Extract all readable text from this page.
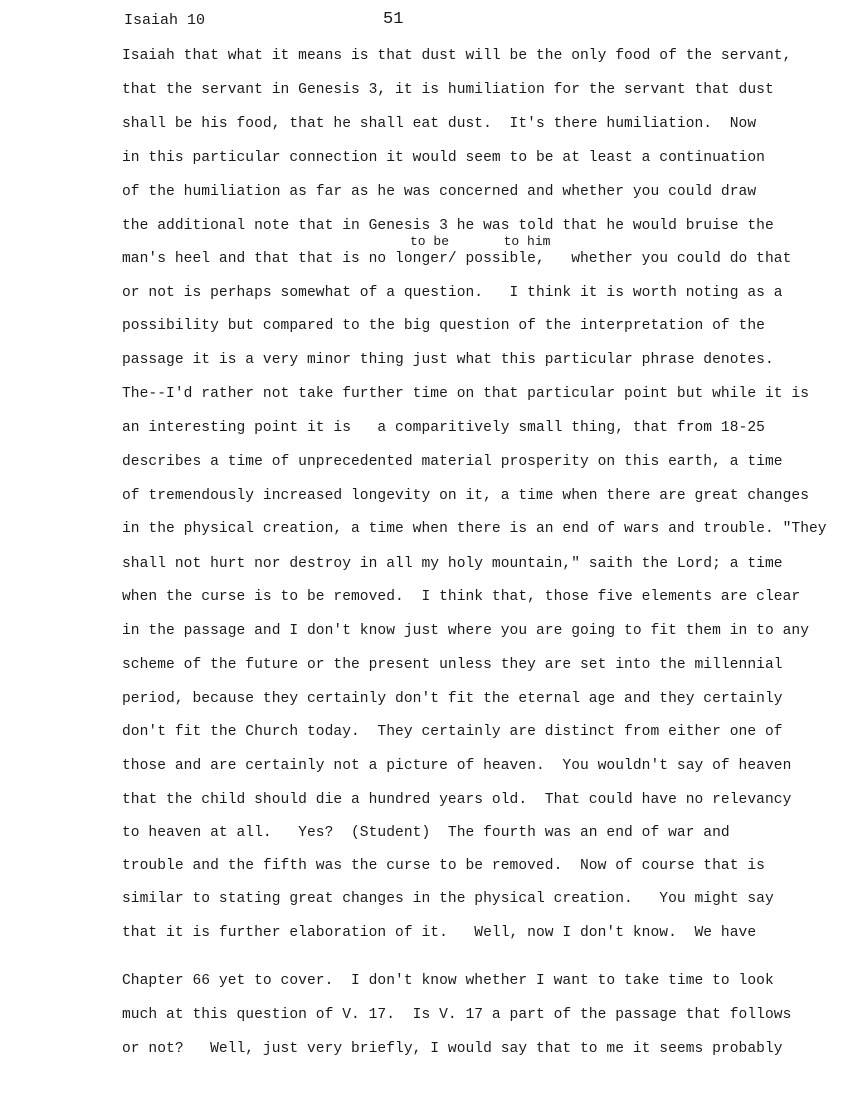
Isaiah 10	51
to be       to him
Isaiah that what it means is that dust will be the only food of the servant,
that the servant in Genesis 3, it is humiliation for the servant that dust
shall be his food, that he shall eat dust.  It's there humiliation.  Now
in this particular connection it would seem to be at least a continuation
of the humiliation as far as he was concerned and whether you could draw
the additional note that in Genesis 3 he was told that he would bruise the
man's heel and that that is no longer/ possible,   whether you could do that
or not is perhaps somewhat of a question.   I think it is worth noting as a
possibility but compared to the big question of the interpretation of the
passage it is a very minor thing just what this particular phrase denotes.
The--I'd rather not take further time on that particular point but while it is
an interesting point it is   a comparitively small thing, that from 18-25
describes a time of unprecedented material prosperity on this earth, a time
of tremendously increased longevity on it, a time when there are great changes
in the physical creation, a time when there is an end of wars and trouble. "They
shall not hurt nor destroy in all my holy mountain," saith the Lord; a time
when the curse is to be removed.  I think that, those five elements are clear
in the passage and I don't know just where you are going to fit them in to any
scheme of the future or the present unless they are set into the millennial
period, because they certainly don't fit the eternal age and they certainly
don't fit the Church today.  They certainly are distinct from either one of
those and are certainly not a picture of heaven.  You wouldn't say of heaven
that the child should die a hundred years old.  That could have no relevancy
to heaven at all.   Yes?  (Student)  The fourth was an end of war and
trouble and the fifth was the curse to be removed.  Now of course that is
similar to stating great changes in the physical creation.   You might say
that it is further elaboration of it.   Well, now I don't know.  We have
Chapter 66 yet to cover.  I don't know whether I want to take time to look
much at this question of V. 17.  Is V. 17 a part of the passage that follows
or not?   Well, just very briefly, I would say that to me it seems probably
